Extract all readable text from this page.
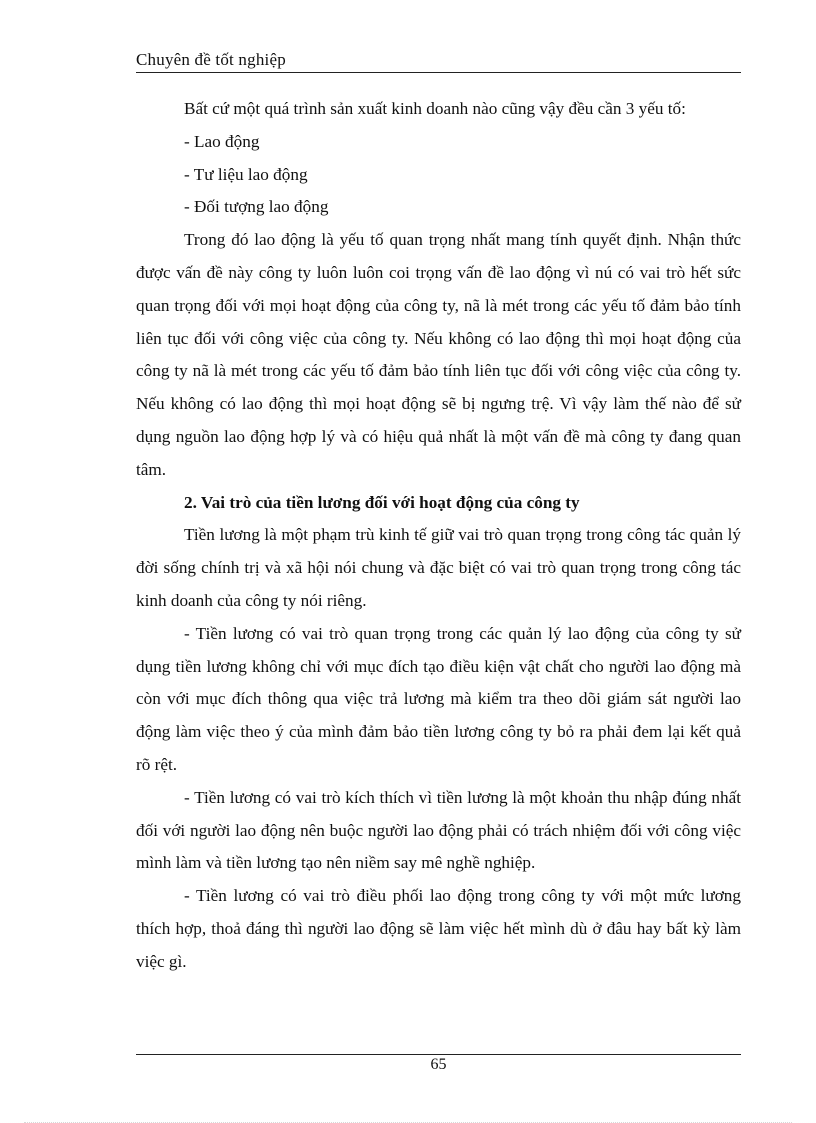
Chuyên đề tốt nghiệp

Bất cứ một quá trình sản xuất kinh doanh nào cũng vậy đều cần 3 yếu tố:

- Lao động

- Tư liệu lao động

- Đối tượng lao động

Trong đó lao động là yếu tố quan trọng nhất mang tính quyết định. Nhận thức được vấn đề này công ty luôn luôn coi trọng vấn đề lao động vì nú có vai trò hết sức quan trọng đối với mọi hoạt động của công ty, nã là mét trong các yếu tố đảm bảo tính liên tục đối với công việc của công ty. Nếu không có lao động thì mọi hoạt động của công ty nã là mét trong các yếu tố đảm bảo tính liên tục đối với công việc của công ty. Nếu không có lao động thì mọi hoạt động sẽ bị ngưng trệ. Vì vậy làm thế nào để sử dụng nguồn lao động hợp lý và có hiệu quả nhất là một vấn đề mà công ty đang quan tâm.

2. Vai trò của tiền lương đối với hoạt động của công ty

Tiền lương là một phạm trù kinh tế giữ vai trò quan trọng trong công tác quản lý đời sống chính trị và xã hội nói chung và đặc biệt có vai trò quan trọng trong công tác kinh doanh của công ty nói riêng.

- Tiền lương có vai trò quan trọng trong các quản lý lao động của công ty sử dụng tiền lương không chỉ với mục đích tạo điều kiện vật chất cho người lao động mà còn với mục đích thông qua việc trả lương mà kiểm tra theo dõi giám sát người lao động làm việc theo ý của mình đảm bảo tiền lương công ty bỏ ra phải đem lại kết quả rõ rệt.

- Tiền lương có vai trò kích thích vì tiền lương là một khoản thu nhập đúng nhất đối với người lao động nên buộc người lao động phải có trách nhiệm đối với công việc mình làm và tiền lương tạo nên niềm say mê nghề nghiệp.

- Tiền lương có vai trò điều phối lao động trong công ty với một mức lương thích hợp, thoả đáng thì người lao động sẽ làm việc hết mình dù ở đâu hay bất kỳ làm việc gì.

65
